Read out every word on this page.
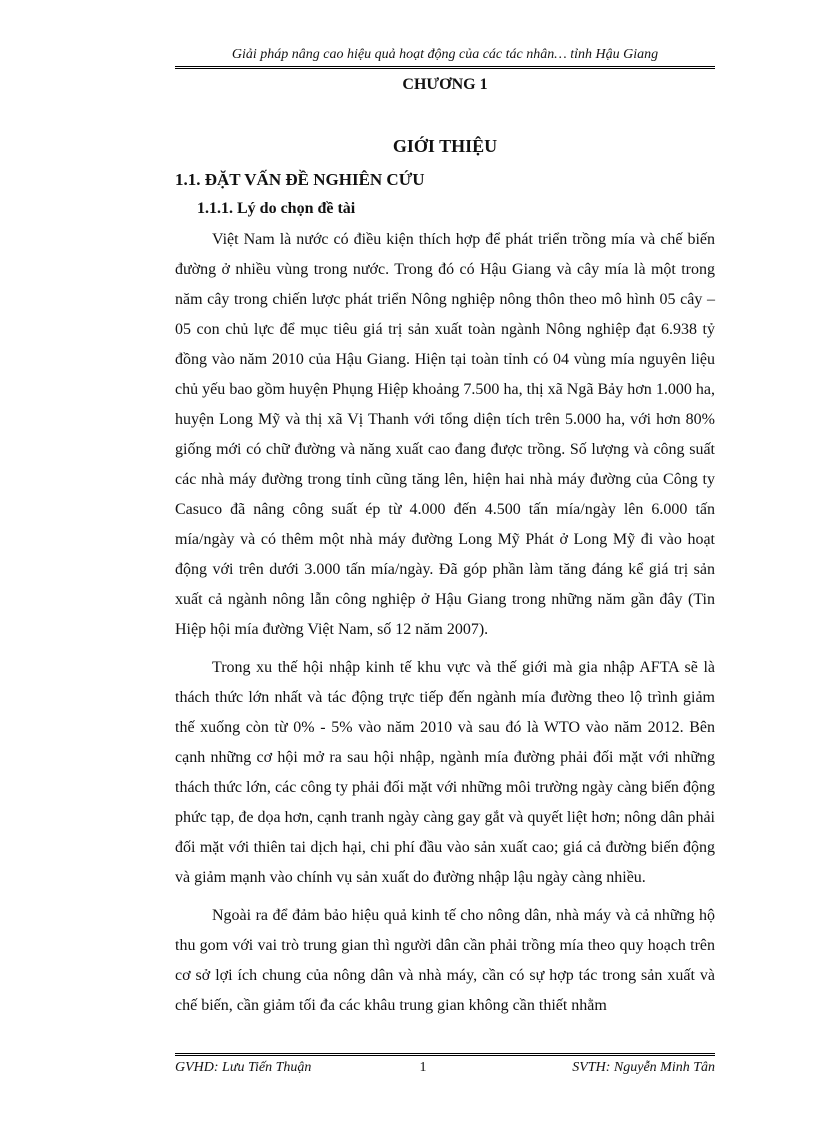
Giải pháp nâng cao hiệu quả hoạt động của các tác nhân… tỉnh Hậu Giang
CHƯƠNG 1
GIỚI THIỆU
1.1. ĐẶT VẤN ĐỀ NGHIÊN CỨU
1.1.1. Lý do chọn đề tài

Việt Nam là nước có điều kiện thích hợp để phát triển trồng mía và chế biến đường ở nhiều vùng trong nước. Trong đó có Hậu Giang và cây mía là một trong năm cây trong chiến lược phát triển Nông nghiệp nông thôn theo mô hình 05 cây – 05 con chủ lực để mục tiêu giá trị sản xuất toàn ngành Nông nghiệp đạt 6.938 tỷ đồng vào năm 2010 của Hậu Giang. Hiện tại toàn tỉnh có 04 vùng mía nguyên liệu chủ yếu bao gồm huyện Phụng Hiệp khoảng 7.500 ha, thị xã Ngã Bảy hơn 1.000 ha, huyện Long Mỹ và thị xã Vị Thanh với tổng diện tích trên 5.000 ha, với hơn 80% giống mới có chữ đường và năng xuất cao đang được trồng. Số lượng và công suất các nhà máy đường trong tỉnh cũng tăng lên, hiện hai nhà máy đường của Công ty Casuco đã nâng công suất ép từ 4.000 đến 4.500 tấn mía/ngày lên 6.000 tấn mía/ngày và có thêm một nhà máy đường Long Mỹ Phát ở Long Mỹ đi vào hoạt động với trên dưới 3.000 tấn mía/ngày. Đã góp phần làm tăng đáng kể giá trị sản xuất cả ngành nông lẫn công nghiệp ở Hậu Giang trong những năm gần đây (Tin Hiệp hội mía đường Việt Nam, số 12 năm 2007).

Trong xu thế hội nhập kinh tế khu vực và thế giới mà gia nhập AFTA sẽ là thách thức lớn nhất và tác động trực tiếp đến ngành mía đường theo lộ trình giảm thế xuống còn từ 0% - 5% vào năm 2010 và sau đó là WTO vào năm 2012. Bên cạnh những cơ hội mở ra sau hội nhập, ngành mía đường phải đối mặt với những thách thức lớn, các công ty phải đối mặt với những môi trường ngày càng biến động phức tạp, đe dọa hơn, cạnh tranh ngày càng gay gắt và quyết liệt hơn; nông dân phải đối mặt với thiên tai dịch hại, chi phí đầu vào sản xuất cao; giá cả đường biến động và giảm mạnh vào chính vụ sản xuất do đường nhập lậu ngày càng nhiều.

Ngoài ra để đảm bảo hiệu quả kinh tế cho nông dân, nhà máy và cả những hộ thu gom với vai trò trung gian thì người dân cần phải trồng mía theo quy hoạch trên cơ sở lợi ích chung của nông dân và nhà máy, cần có sự hợp tác trong sản xuất và chế biến, cần giảm tối đa các khâu trung gian không cần thiết nhằm

GVHD: Lưu Tiến Thuận	1	SVTH: Nguyễn Minh Tân
